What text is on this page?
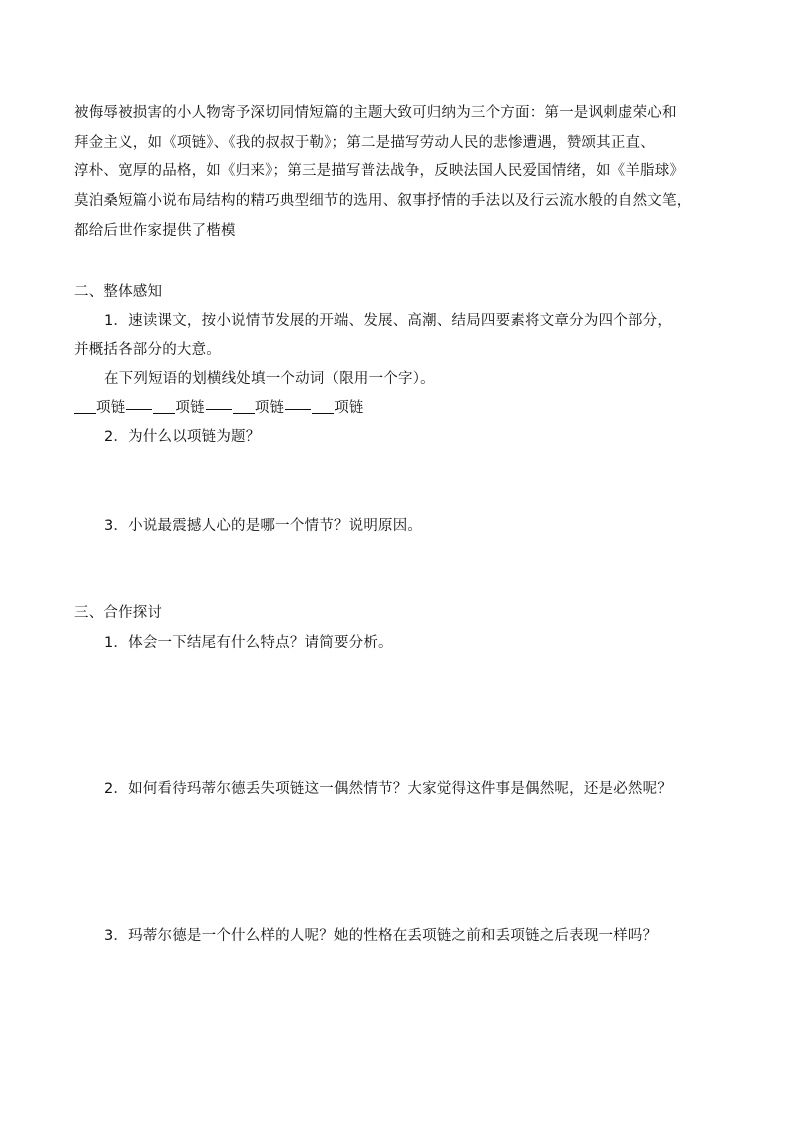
被侮辱被损害的小人物寄予深切同情短篇的主题大致可归纳为三个方面：第一是讽刺虚荣心和
拜金主义，如《项链》、《我的叔叔于勒》；第二是描写劳动人民的悲惨遭遇，赞颂其正直、
淳朴、宽厚的品格，如《归来》；第三是描写普法战争，反映法国人民爱国情绪，如《羊脂球》
莫泊桑短篇小说布局结构的精巧典型细节的选用、叙事抒情的手法以及行云流水般的自然文笔，
都给后世作家提供了楷模
二、整体感知
1．速读课文，按小说情节发展的开端、发展、高潮、结局四要素将文章分为四个部分，
并概括各部分的大意。
在下列短语的划横线处填一个动词（限用一个字）。
项链	项链	项链	项链
2．为什么以项链为题？
3．小说最震撼人心的是哪一个情节？说明原因。
三、合作探讨
1．体会一下结尾有什么特点？请简要分析。
2．如何看待玛蒂尔德丢失项链这一偶然情节？大家觉得这件事是偶然呢，还是必然呢？
3．玛蒂尔德是一个什么样的人呢？她的性格在丢项链之前和丢项链之后表现一样吗？
